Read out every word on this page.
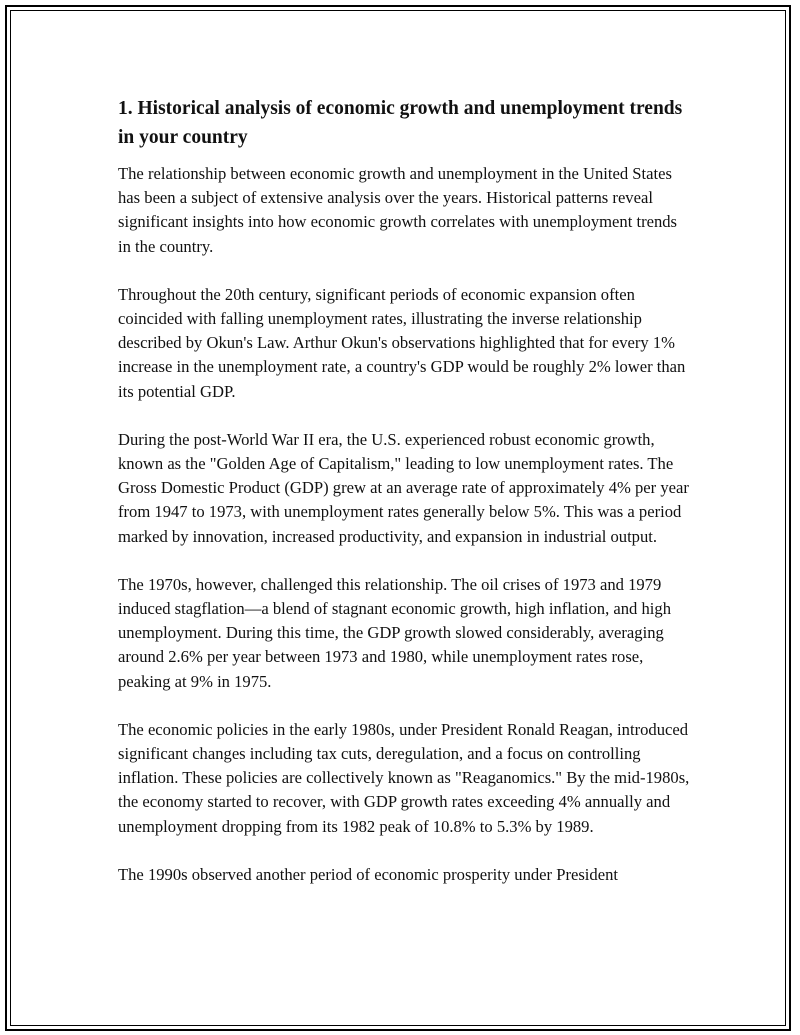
1. Historical analysis of economic growth and unemployment trends in your country

The relationship between economic growth and unemployment in the United States has been a subject of extensive analysis over the years. Historical patterns reveal significant insights into how economic growth correlates with unemployment trends in the country.

Throughout the 20th century, significant periods of economic expansion often coincided with falling unemployment rates, illustrating the inverse relationship described by Okun's Law. Arthur Okun's observations highlighted that for every 1% increase in the unemployment rate, a country's GDP would be roughly 2% lower than its potential GDP.

During the post-World War II era, the U.S. experienced robust economic growth, known as the "Golden Age of Capitalism," leading to low unemployment rates. The Gross Domestic Product (GDP) grew at an average rate of approximately 4% per year from 1947 to 1973, with unemployment rates generally below 5%. This was a period marked by innovation, increased productivity, and expansion in industrial output.

The 1970s, however, challenged this relationship. The oil crises of 1973 and 1979 induced stagflation—a blend of stagnant economic growth, high inflation, and high unemployment. During this time, the GDP growth slowed considerably, averaging around 2.6% per year between 1973 and 1980, while unemployment rates rose, peaking at 9% in 1975.

The economic policies in the early 1980s, under President Ronald Reagan, introduced significant changes including tax cuts, deregulation, and a focus on controlling inflation. These policies are collectively known as "Reaganomics." By the mid-1980s, the economy started to recover, with GDP growth rates exceeding 4% annually and unemployment dropping from its 1982 peak of 10.8% to 5.3% by 1989.

The 1990s observed another period of economic prosperity under President
